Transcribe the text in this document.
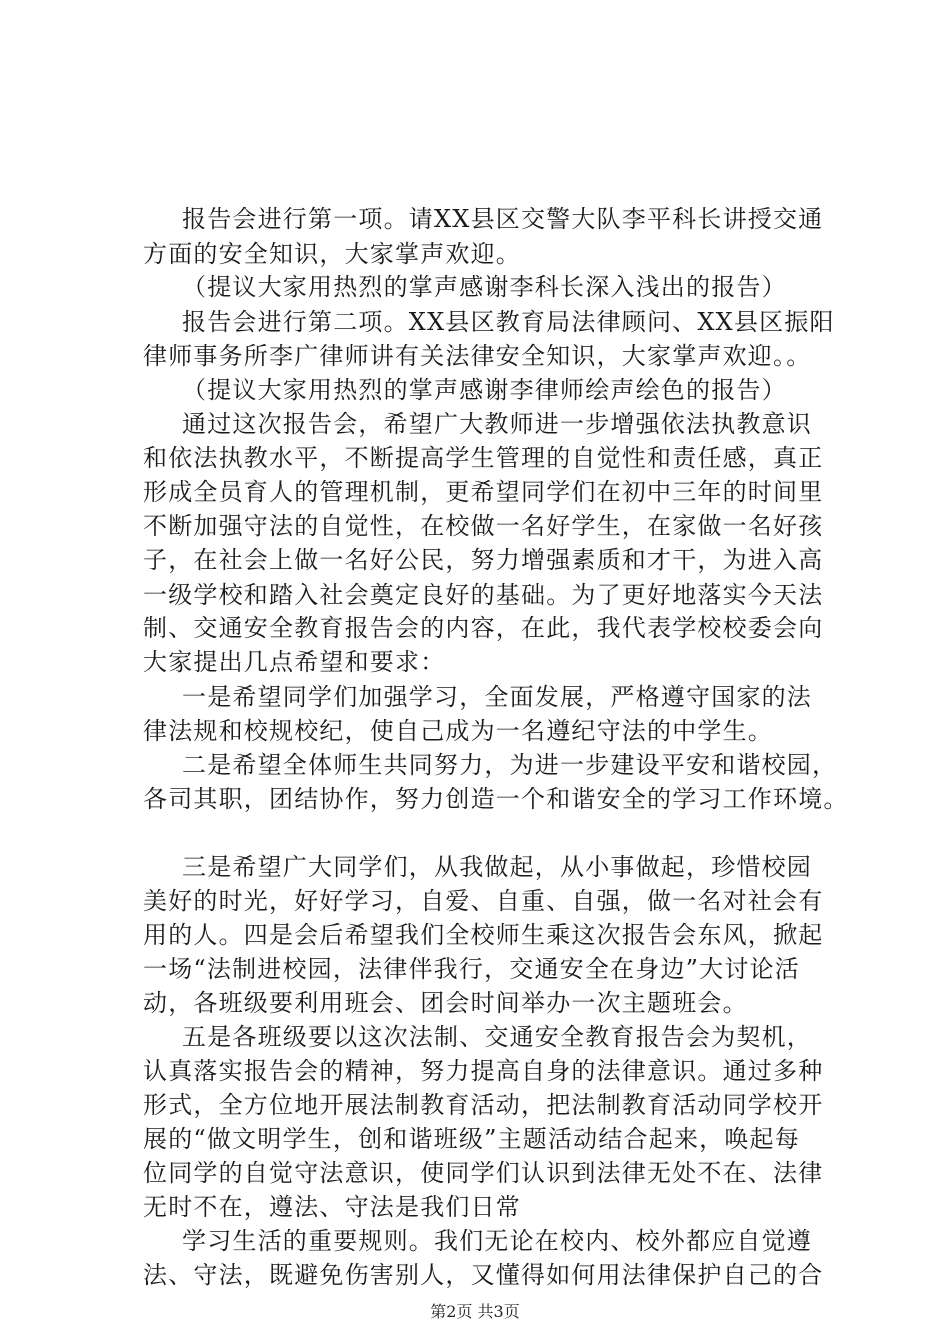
报告会进行第一项。请XX县区交警大队李平科长讲授交通
方面的安全知识，大家掌声欢迎。
（提议大家用热烈的掌声感谢李科长深入浅出的报告）
报告会进行第二项。XX县区教育局法律顾问、XX县区振阳
律师事务所李广律师讲有关法律安全知识，大家掌声欢迎。。
（提议大家用热烈的掌声感谢李律师绘声绘色的报告）
通过这次报告会，希望广大教师进一步增强依法执教意识
和依法执教水平，不断提高学生管理的自觉性和责任感，真正
形成全员育人的管理机制，更希望同学们在初中三年的时间里
不断加强守法的自觉性，在校做一名好学生，在家做一名好孩
子，在社会上做一名好公民，努力增强素质和才干，为进入高
一级学校和踏入社会奠定良好的基础。为了更好地落实今天法
制、交通安全教育报告会的内容，在此，我代表学校校委会向
大家提出几点希望和要求：
一是希望同学们加强学习，全面发展，严格遵守国家的法
律法规和校规校纪，使自己成为一名遵纪守法的中学生。
二是希望全体师生共同努力，为进一步建设平安和谐校园，
各司其职，团结协作，努力创造一个和谐安全的学习工作环境。
三是希望广大同学们，从我做起，从小事做起，珍惜校园
美好的时光，好好学习，自爱、自重、自强，做一名对社会有
用的人。四是会后希望我们全校师生乘这次报告会东风，掀起
一场“法制进校园，法律伴我行，交通安全在身边”大讨论活
动，各班级要利用班会、团会时间举办一次主题班会。
五是各班级要以这次法制、交通安全教育报告会为契机，
认真落实报告会的精神，努力提高自身的法律意识。通过多种
形式，全方位地开展法制教育活动，把法制教育活动同学校开
展的“做文明学生，创和谐班级”主题活动结合起来，唤起每
位同学的自觉守法意识，使同学们认识到法律无处不在、法律
无时不在，遵法、守法是我们日常
学习生活的重要规则。我们无论在校内、校外都应自觉遵
法、守法，既避免伤害别人，又懂得如何用法律保护自己的合
第2页 共3页
